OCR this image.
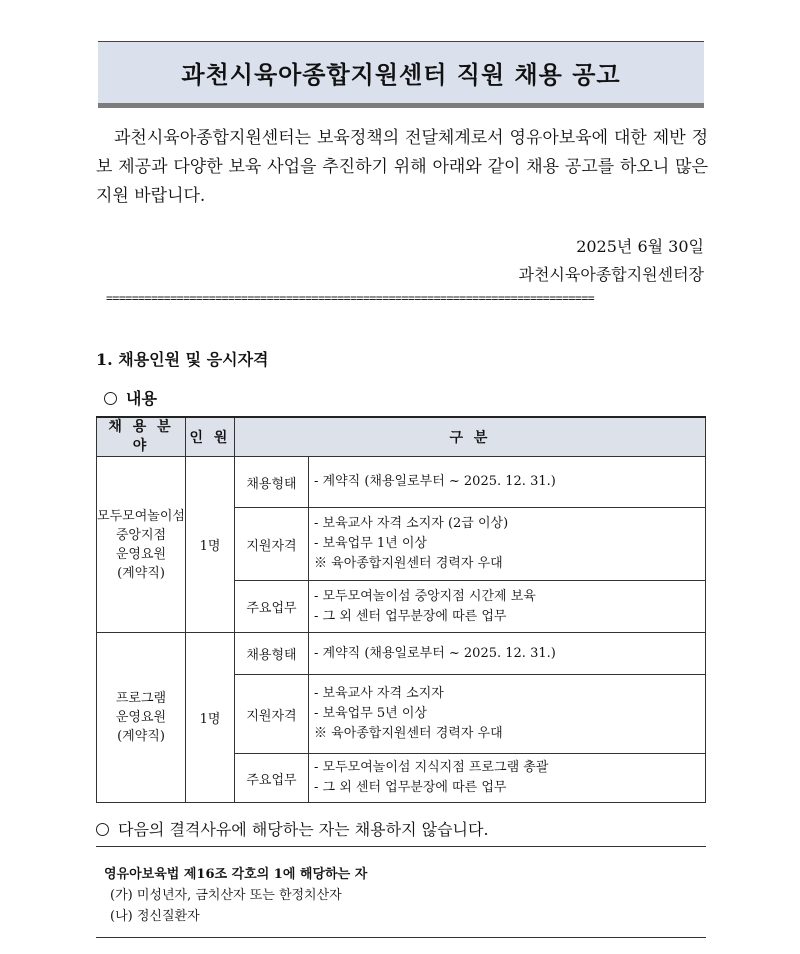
과천시육아종합지원센터 직원 채용 공고
과천시육아종합지원센터는 보육정책의 전달체계로서 영유아보육에 대한 제반 정보 제공과 다양한 보육 사업을 추진하기 위해 아래와 같이 채용 공고를 하오니 많은 지원 바랍니다.
2025년 6월 30일
과천시육아종합지원센터장
============================================================================
1. 채용인원 및 응시자격
내용
채 용 분 야	인 원	구 분	

모두모여놀이섬
중앙지점
운영요원
(계약직)	1명	채용형태	- 계약직 (채용일로부터 ~ 2025. 12. 31.)

		지원자격	- 보육교사 자격 소지자 (2급 이상)
- 보육업무 1년 이상
※ 육아종합지원센터 경력자 우대

		주요업무	- 모두모여놀이섬 중앙지점 시간제 보육
- 그 외 센터 업무분장에 따른 업무

프로그램
운영요원
(계약직)	1명	채용형태	- 계약직 (채용일로부터 ~ 2025. 12. 31.)

		지원자격	- 보육교사 자격 소지자
- 보육업무 5년 이상
※ 육아종합지원센터 경력자 우대

		주요업무	- 모두모여놀이섬 지식지점 프로그램 총괄
- 그 외 센터 업무분장에 따른 업무
다음의 결격사유에 해당하는 자는 채용하지 않습니다.
영유아보육법 제16조 각호의 1에 해당하는 자
(가) 미성년자, 금치산자 또는 한정치산자
(나) 정신질환자
